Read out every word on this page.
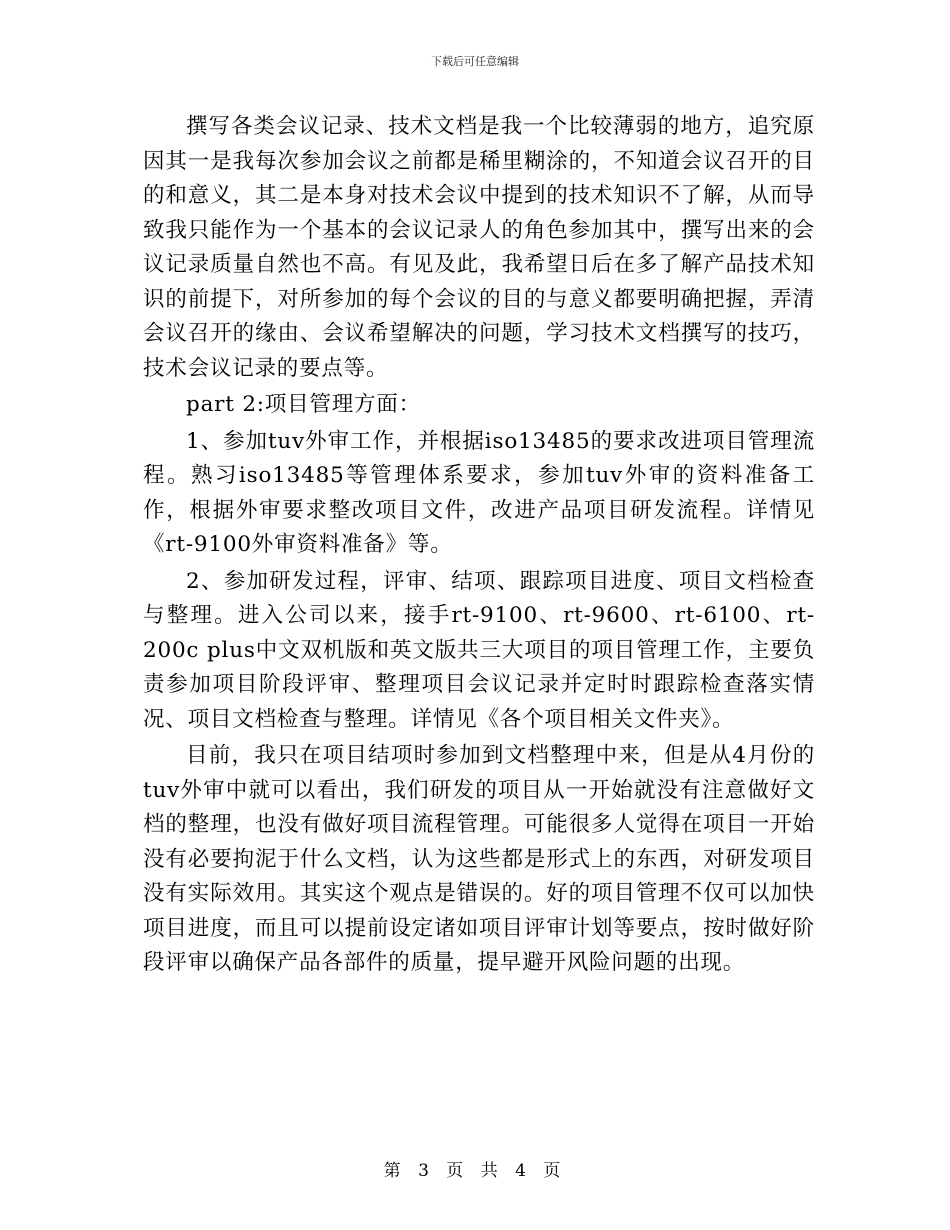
下载后可任意编辑

撰写各类会议记录、技术文档是我一个比较薄弱的地方，追究原因其一是我每次参加会议之前都是稀里糊涂的，不知道会议召开的目的和意义，其二是本身对技术会议中提到的技术知识不了解，从而导致我只能作为一个基本的会议记录人的角色参加其中，撰写出来的会议记录质量自然也不高。有见及此，我希望日后在多了解产品技术知识的前提下，对所参加的每个会议的目的与意义都要明确把握，弄清会议召开的缘由、会议希望解决的问题，学习技术文档撰写的技巧，技术会议记录的要点等。

part 2:项目管理方面：

1、参加tuv外审工作，并根据iso13485的要求改进项目管理流程。熟习iso13485等管理体系要求，参加tuv外审的资料准备工作，根据外审要求整改项目文件，改进产品项目研发流程。详情见《rt-9100外审资料准备》等。

2、参加研发过程，评审、结项、跟踪项目进度、项目文档检查与整理。进入公司以来，接手rt-9100、rt-9600、rt-6100、rt-200c plus中文双机版和英文版共三大项目的项目管理工作，主要负责参加项目阶段评审、整理项目会议记录并定时时跟踪检查落实情况、项目文档检查与整理。详情见《各个项目相关文件夹》。

目前，我只在项目结项时参加到文档整理中来，但是从4月份的tuv外审中就可以看出，我们研发的项目从一开始就没有注意做好文档的整理，也没有做好项目流程管理。可能很多人觉得在项目一开始没有必要拘泥于什么文档，认为这些都是形式上的东西，对研发项目没有实际效用。其实这个观点是错误的。好的项目管理不仅可以加快项目进度，而且可以提前设定诸如项目评审计划等要点，按时做好阶段评审以确保产品各部件的质量，提早避开风险问题的出现。

第 3 页 共 4 页
